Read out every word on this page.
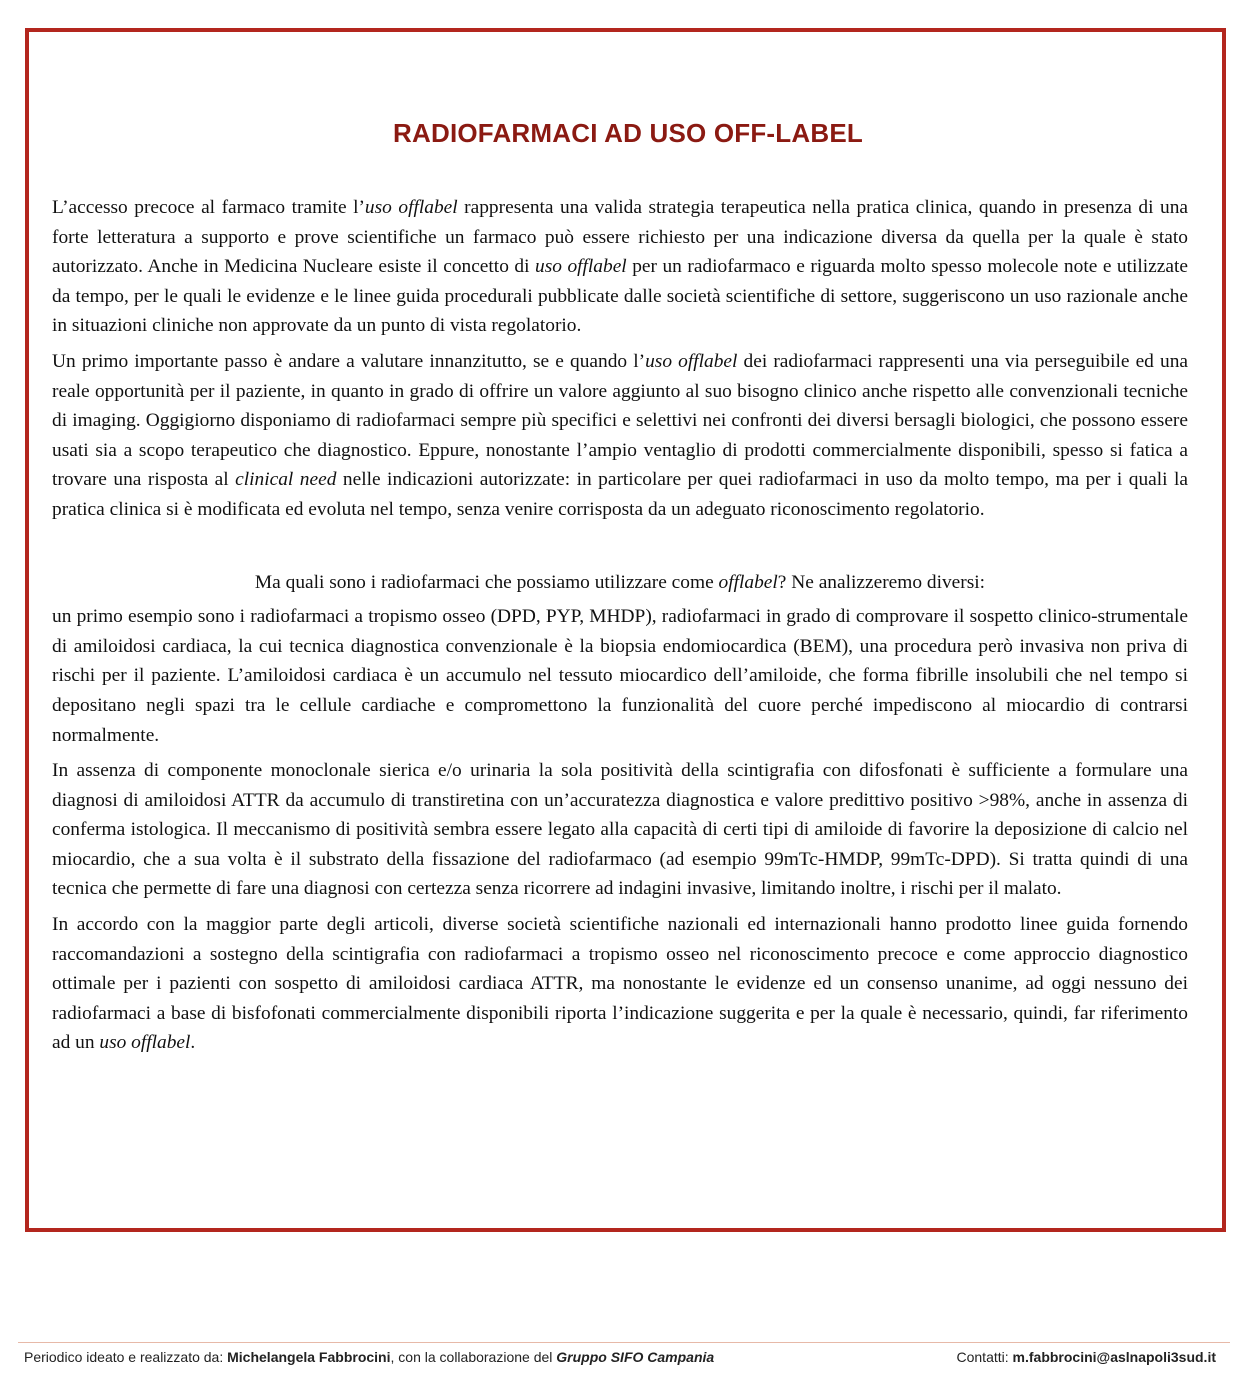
RADIOFARMACI AD USO OFF-LABEL

L’accesso precoce al farmaco tramite l’uso offlabel rappresenta una valida strategia terapeutica nella pratica clinica, quando in presenza di una forte letteratura a supporto e prove scientifiche un farmaco può essere richiesto per una indicazione diversa da quella per la quale è stato autorizzato. Anche in Medicina Nucleare esiste il concetto di uso offlabel per un radiofarmaco e riguarda molto spesso molecole note e utilizzate da tempo, per le quali le evidenze e le linee guida procedurali pubblicate dalle società scientifiche di settore, suggeriscono un uso razionale anche in situazioni cliniche non approvate da un punto di vista regolatorio.

Un primo importante passo è andare a valutare innanzitutto, se e quando l’uso offlabel dei radiofarmaci rappresenti una via perseguibile ed una reale opportunità per il paziente, in quanto in grado di offrire un valore aggiunto al suo bisogno clinico anche rispetto alle convenzionali tecniche di imaging. Oggigiorno disponiamo di radiofarmaci sempre più specifici e selettivi nei confronti dei diversi bersagli biologici, che possono essere usati sia a scopo terapeutico che diagnostico. Eppure, nonostante l’ampio ventaglio di prodotti commercialmente disponibili, spesso si fatica a trovare una risposta al clinical need nelle indicazioni autorizzate: in particolare per quei radiofarmaci in uso da molto tempo, ma per i quali la pratica clinica si è modificata ed evoluta nel tempo, senza venire corrisposta da un adeguato riconoscimento regolatorio.

Ma quali sono i radiofarmaci che possiamo utilizzare come offlabel? Ne analizzeremo diversi:

un primo esempio sono i radiofarmaci a tropismo osseo (DPD, PYP, MHDP), radiofarmaci in grado di comprovare il sospetto clinico-strumentale di amiloidosi cardiaca, la cui tecnica diagnostica convenzionale è la biopsia endomiocardica (BEM), una procedura però invasiva non priva di rischi per il paziente. L’amiloidosi cardiaca è un accumulo nel tessuto miocardico dell’amiloide, che forma fibrille insolubili che nel tempo si depositano negli spazi tra le cellule cardiache e compromettono la funzionalità del cuore perché impediscono al miocardio di contrarsi normalmente.

In assenza di componente monoclonale sierica e/o urinaria la sola positività della scintigrafia con difosfonati è sufficiente a formulare una diagnosi di amiloidosi ATTR da accumulo di transtiretina con un’accuratezza diagnostica e valore predittivo positivo >98%, anche in assenza di conferma istologica. Il meccanismo di positività sembra essere legato alla capacità di certi tipi di amiloide di favorire la deposizione di calcio nel miocardio, che a sua volta è il substrato della fissazione del radiofarmaco (ad esempio 99mTc-HMDP, 99mTc-DPD). Si tratta quindi di una tecnica che permette di fare una diagnosi con certezza senza ricorrere ad indagini invasive, limitando inoltre, i rischi per il malato.

In accordo con la maggior parte degli articoli, diverse società scientifiche nazionali ed internazionali hanno prodotto linee guida fornendo raccomandazioni a sostegno della scintigrafia con radiofarmaci a tropismo osseo nel riconoscimento precoce e come approccio diagnostico ottimale per i pazienti con sospetto di amiloidosi cardiaca ATTR, ma nonostante le evidenze ed un consenso unanime, ad oggi nessuno dei radiofarmaci a base di bisfofonati commercialmente disponibili riporta l’indicazione suggerita e per la quale è necessario, quindi, far riferimento ad un uso offlabel.

Periodico ideato e realizzato da: Michelangela Fabbrocini, con la collaborazione del Gruppo SIFO Campania	Contatti: m.fabbrocini@aslnapoli3sud.it
